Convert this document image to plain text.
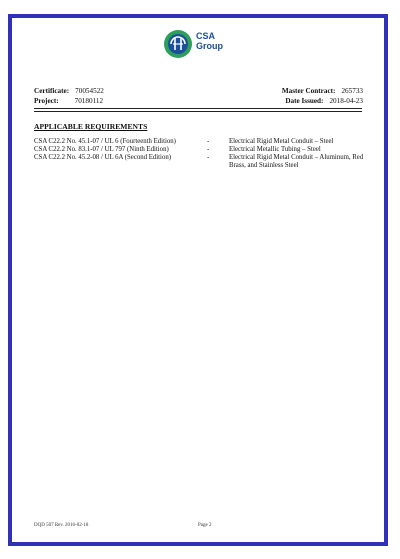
CSA
Group
Certificate: 70054522
Project: 70180112
Master Contract: 265733
Date Issued: 2018-04-23
APPLICABLE REQUIREMENTS
CSA C22.2 No. 45.1-07 / UL 6 (Fourteenth Edition)	-	Electrical Rigid Metal Conduit – Steel
CSA C22.2 No. 83.1-07 / UL 797 (Ninth Edition)	-	Electrical Metallic Tubing – Steel
CSA C22.2 No. 45.2-08 / UL 6A (Second Edition)	-	Electrical Rigid Metal Conduit – Aluminum, Red Brass, and Stainless Steel
DQD 507 Rev. 2016-02-18	Page 2
